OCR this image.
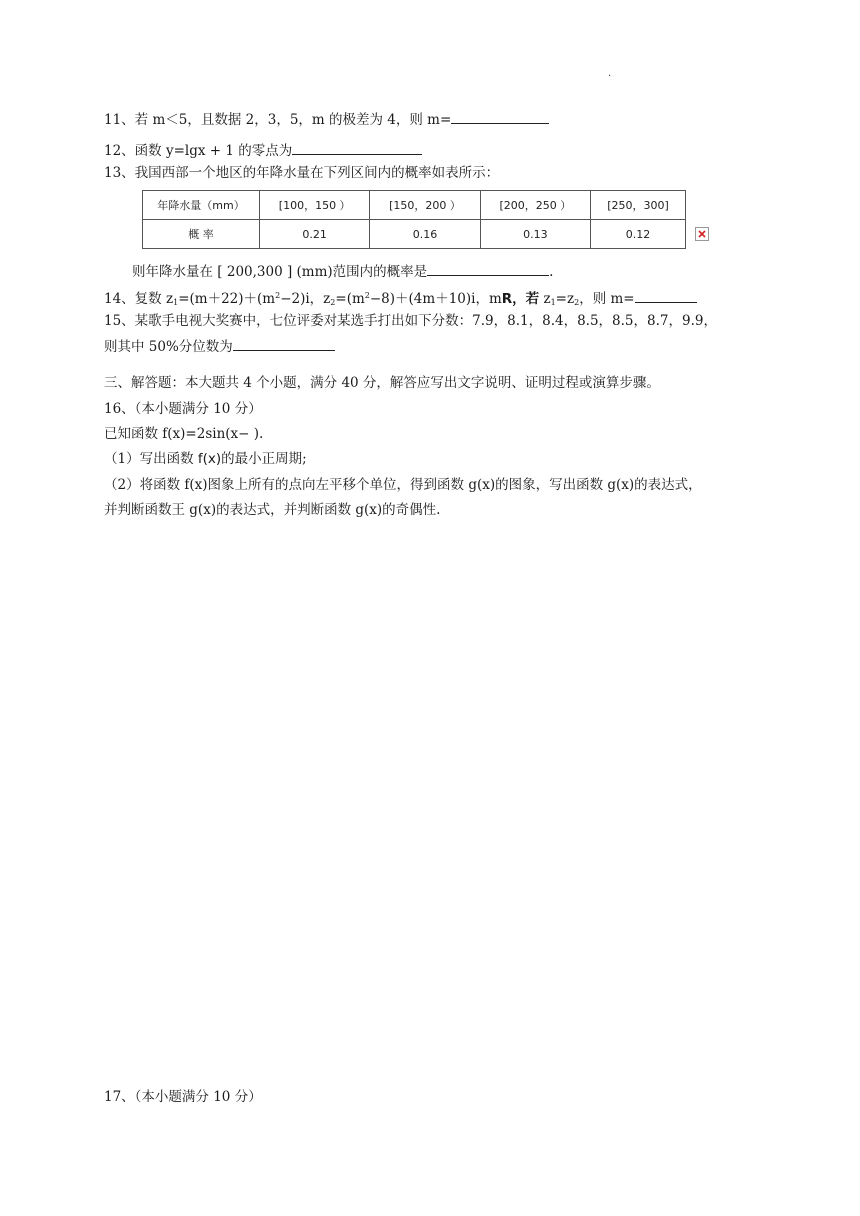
.
11、若 m＜5，且数据 2，3，5，m 的极差为 4，则 m=
12、函数 y=lgx + 1 的零点为
13、我国西部一个地区的年降水量在下列区间内的概率如表所示：
年降水量（mm）	[100，150 ）	[150，200 ）	[200，250 ）	[250，300]
概 率	0.21	0.16	0.13	0.12
则年降水量在 [ 200,300 ] (mm)范围内的概率是	.
14、复数 $z_1=(m+22)+(m^2-2)i$，$z_2=(m^2-8)+(4m+10)i$，mR，若 $z_1=z_2$，则 m=
15、某歌手电视大奖赛中，七位评委对某选手打出如下分数：7.9，8.1，8.4，8.5，8.5，8.7，9.9，
则其中 50%分位数为
三、解答题：本大题共 4 个小题，满分 40 分，解答应写出文字说明、证明过程或演算步骤。
16、（本小题满分 10 分）
已知函数 f(x)=2sin(x− ).
（1）写出函数 f(x)的最小正周期;
（2）将函数 f(x)图象上所有的点向左平移个单位，得到函数 g(x)的图象，写出函数 g(x)的表达式，
并判断函数王 g(x)的表达式，并判断函数 g(x)的奇偶性.
17、（本小题满分 10 分）
